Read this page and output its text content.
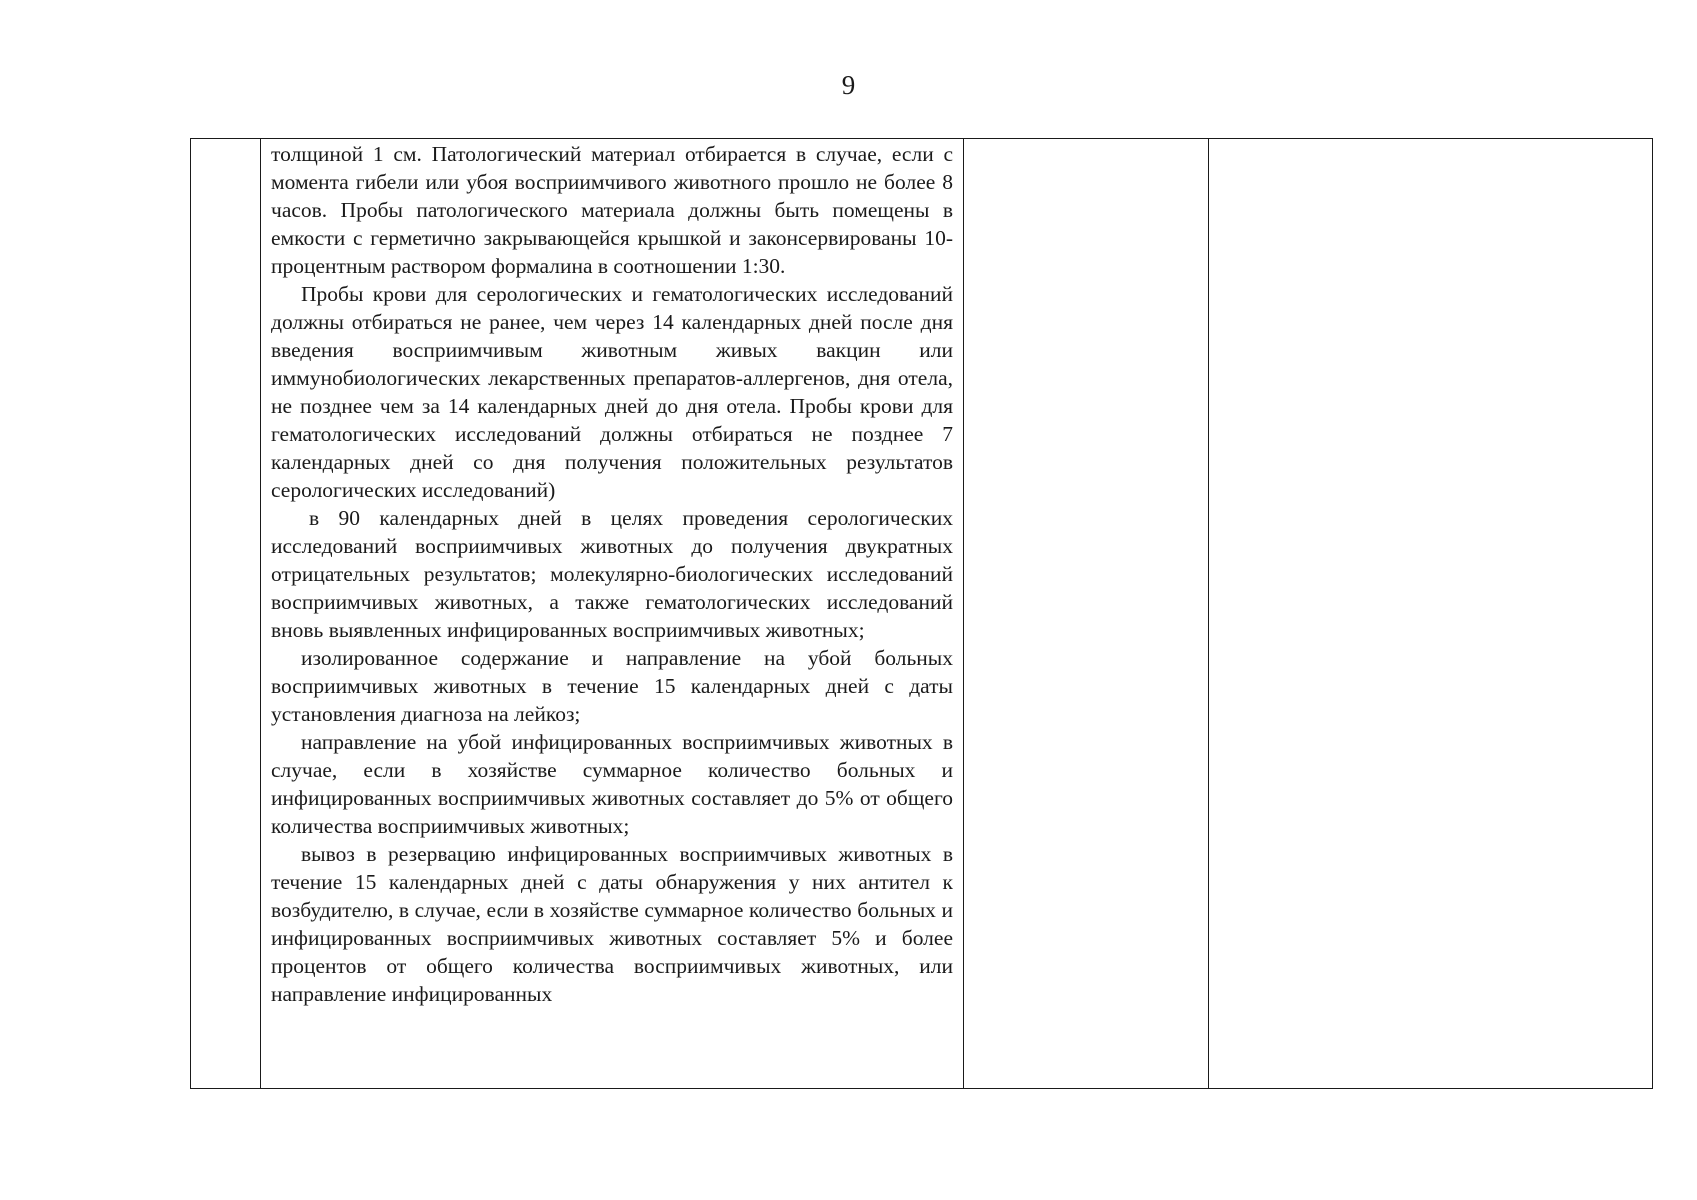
9

толщиной 1 см. Патологический материал отбирается в случае, если с момента гибели или убоя восприимчивого животного прошло не более 8 часов. Пробы патологического материала должны быть помещены в емкости с герметично закрывающейся крышкой и законсервированы 10-процентным раствором формалина в соотношении 1:30.

Пробы крови для серологических и гематологических исследований должны отбираться не ранее, чем через 14 календарных дней после дня введения восприимчивым животным живых вакцин или иммунобиологических лекарственных препаратов-аллергенов, дня отела, не позднее чем за 14 календарных дней до дня отела. Пробы крови для гематологических исследований должны отбираться не позднее 7 календарных дней со дня получения положительных результатов серологических исследований)

в 90 календарных дней в целях проведения серологических исследований восприимчивых животных до получения двукратных отрицательных результатов; молекулярно-биологических исследований восприимчивых животных, а также гематологических исследований вновь выявленных инфицированных восприимчивых животных;

изолированное содержание и направление на убой больных восприимчивых животных в течение 15 календарных дней с даты установления диагноза на лейкоз;

направление на убой инфицированных восприимчивых животных в случае, если в хозяйстве суммарное количество больных и инфицированных восприимчивых животных составляет до 5% от общего количества восприимчивых животных;

вывоз в резервацию инфицированных восприимчивых животных в течение 15 календарных дней с даты обнаружения у них антител к возбудителю, в случае, если в хозяйстве суммарное количество больных и инфицированных восприимчивых животных составляет 5% и более процентов от общего количества восприимчивых животных, или направление инфицированных
